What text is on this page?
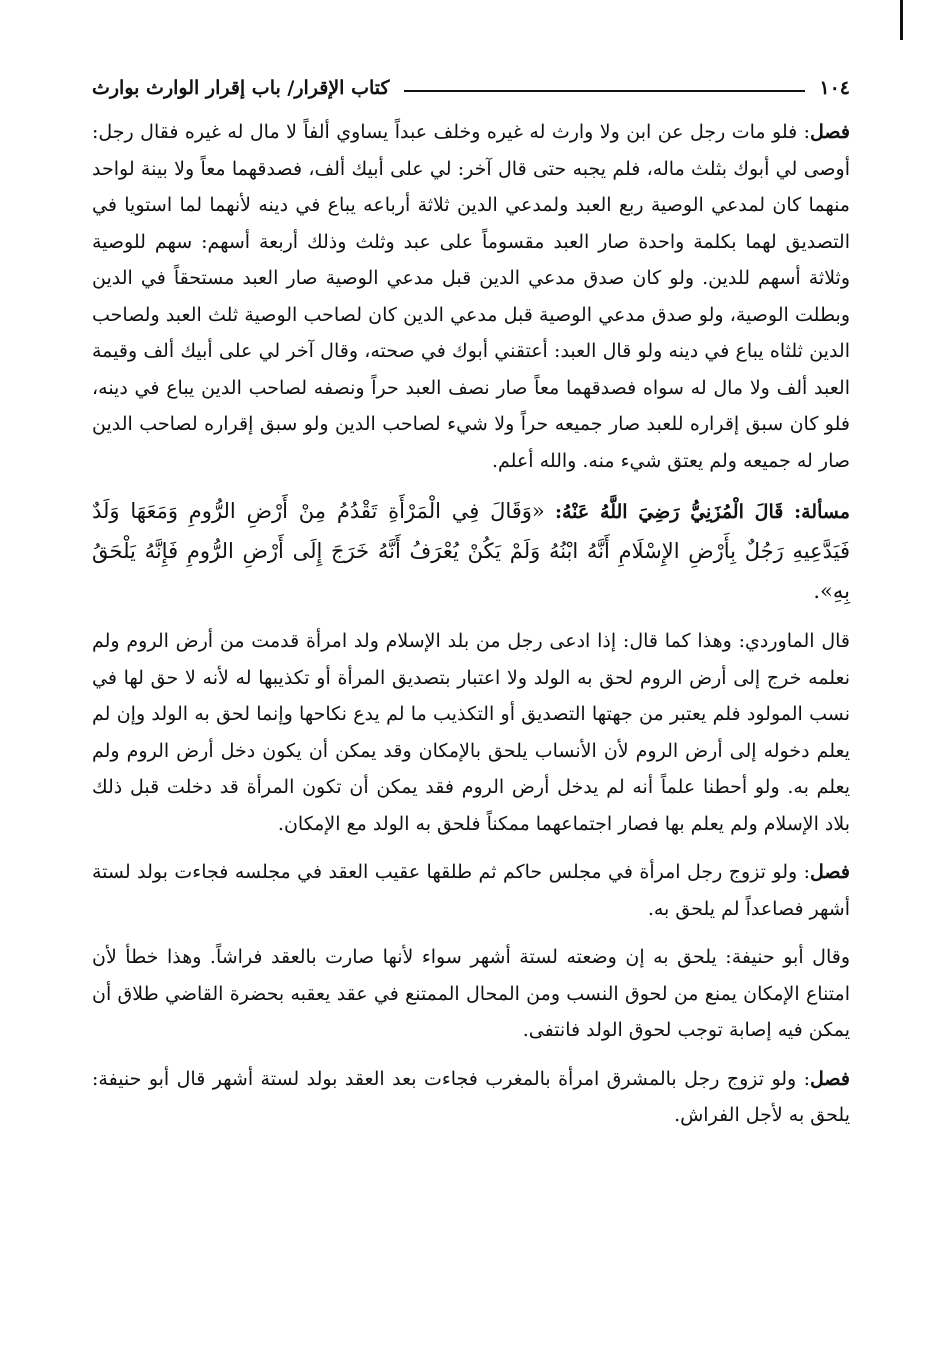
١٠٤
كتاب الإقرار/ باب إقرار الوارث بوارث

فصل: فلو مات رجل عن ابن ولا وارث له غيره وخلف عبداً يساوي ألفاً لا مال له غيره فقال رجل: أوصى لي أبوك بثلث ماله، فلم يجبه حتى قال آخر: لي على أبيك ألف، فصدقهما معاً ولا بينة لواحد منهما كان لمدعي الوصية ربع العبد ولمدعي الدين ثلاثة أرباعه يباع في دينه لأنهما لما استويا في التصديق لهما بكلمة واحدة صار العبد مقسوماً على عبد وثلث وذلك أربعة أسهم: سهم للوصية وثلاثة أسهم للدين. ولو كان صدق مدعي الدين قبل مدعي الوصية صار العبد مستحقاً في الدين وبطلت الوصية، ولو صدق مدعي الوصية قبل مدعي الدين كان لصاحب الوصية ثلث العبد ولصاحب الدين ثلثاه يباع في دينه ولو قال العبد: أعتقني أبوك في صحته، وقال آخر لي على أبيك ألف وقيمة العبد ألف ولا مال له سواه فصدقهما معاً صار نصف العبد حراً ونصفه لصاحب الدين يباع في دينه، فلو كان سبق إقراره للعبد صار جميعه حراً ولا شيء لصاحب الدين ولو سبق إقراره لصاحب الدين صار له جميعه ولم يعتق شيء منه. والله أعلم.

مسألة: قَالَ الْمُزَنِيُّ رَضِيَ اللَّهُ عَنْهُ: «وَقَالَ فِي الْمَرْأَةِ تَقْدُمُ مِنْ أَرْضِ الرُّومِ وَمَعَهَا وَلَدٌ فَيَدَّعِيهِ رَجُلٌ بِأَرْضِ الإِسْلَامِ أَنَّهُ ابْنُهُ وَلَمْ يَكُنْ يُعْرَفُ أَنَّهُ خَرَجَ إِلَى أَرْضِ الرُّومِ فَإِنَّهُ يَلْحَقُ بِهِ».

قال الماوردي: وهذا كما قال: إذا ادعى رجل من بلد الإسلام ولد امرأة قدمت من أرض الروم ولم نعلمه خرج إلى أرض الروم لحق به الولد ولا اعتبار بتصديق المرأة أو تكذيبها له لأنه لا حق لها في نسب المولود فلم يعتبر من جهتها التصديق أو التكذيب ما لم يدع نكاحها وإنما لحق به الولد وإن لم يعلم دخوله إلى أرض الروم لأن الأنساب يلحق بالإمكان وقد يمكن أن يكون دخل أرض الروم ولم يعلم به. ولو أحطنا علماً أنه لم يدخل أرض الروم فقد يمكن أن تكون المرأة قد دخلت قبل ذلك بلاد الإسلام ولم يعلم بها فصار اجتماعهما ممكناً فلحق به الولد مع الإمكان.

فصل: ولو تزوج رجل امرأة في مجلس حاكم ثم طلقها عقيب العقد في مجلسه فجاءت بولد لستة أشهر فصاعداً لم يلحق به.

وقال أبو حنيفة: يلحق به إن وضعته لستة أشهر سواء لأنها صارت بالعقد فراشاً. وهذا خطأ لأن امتناع الإمكان يمنع من لحوق النسب ومن المحال الممتنع في عقد يعقبه بحضرة القاضي طلاق أن يمكن فيه إصابة توجب لحوق الولد فانتفى.

فصل: ولو تزوج رجل بالمشرق امرأة بالمغرب فجاءت بعد العقد بولد لستة أشهر قال أبو حنيفة: يلحق به لأجل الفراش.
